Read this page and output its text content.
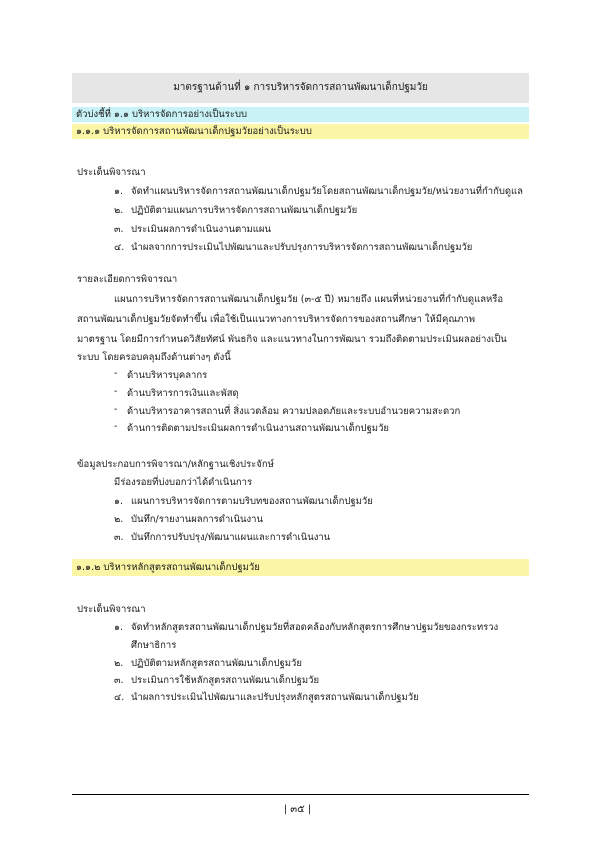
มาตรฐานด้านที่ ๑ การบริหารจัดการสถานพัฒนาเด็กปฐมวัย
ตัวบ่งชี้ที่ ๑.๑ บริหารจัดการอย่างเป็นระบบ
๑.๑.๑ บริหารจัดการสถานพัฒนาเด็กปฐมวัยอย่างเป็นระบบ
ประเด็นพิจารณา
๑. จัดทำแผนบริหารจัดการสถานพัฒนาเด็กปฐมวัยโดยสถานพัฒนาเด็กปฐมวัย/หน่วยงานที่กำกับดูแล
๒. ปฏิบัติตามแผนการบริหารจัดการสถานพัฒนาเด็กปฐมวัย
๓. ประเมินผลการดำเนินงานตามแผน
๔. นำผลจากการประเมินไปพัฒนาและปรับปรุงการบริหารจัดการสถานพัฒนาเด็กปฐมวัย
รายละเอียดการพิจารณา
แผนการบริหารจัดการสถานพัฒนาเด็กปฐมวัย (๓-๕ ปี) หมายถึง แผนที่หน่วยงานที่กำกับดูแลหรือ
สถานพัฒนาเด็กปฐมวัยจัดทำขึ้น เพื่อใช้เป็นแนวทางการบริหารจัดการของสถานศึกษา ให้มีคุณภาพ
มาตรฐาน โดยมีการกำหนดวิสัยทัศน์ พันธกิจ และแนวทางในการพัฒนา รวมถึงติดตามประเมินผลอย่างเป็น
ระบบ โดยครอบคลุมถึงด้านต่างๆ ดังนี้
- ด้านบริหารบุคลากร
- ด้านบริหารการเงินและพัสดุ
- ด้านบริหารอาคารสถานที่ สิ่งแวดล้อม ความปลอดภัยและระบบอำนวยความสะดวก
- ด้านการติดตามประเมินผลการดำเนินงานสถานพัฒนาเด็กปฐมวัย
ข้อมูลประกอบการพิจารณา/หลักฐานเชิงประจักษ์
มีร่องรอยที่บ่งบอกว่าได้ดำเนินการ
๑. แผนการบริหารจัดการตามบริบทของสถานพัฒนาเด็กปฐมวัย
๒. บันทึก/รายงานผลการดำเนินงาน
๓. บันทึกการปรับปรุง/พัฒนาแผนและการดำเนินงาน
๑.๑.๒ บริหารหลักสูตรสถานพัฒนาเด็กปฐมวัย
ประเด็นพิจารณา
๑. จัดทำหลักสูตรสถานพัฒนาเด็กปฐมวัยที่สอดคล้องกับหลักสูตรการศึกษาปฐมวัยของกระทรวง
ศึกษาธิการ
๒. ปฏิบัติตามหลักสูตรสถานพัฒนาเด็กปฐมวัย
๓. ประเมินการใช้หลักสูตรสถานพัฒนาเด็กปฐมวัย
๔. นำผลการประเมินไปพัฒนาและปรับปรุงหลักสูตรสถานพัฒนาเด็กปฐมวัย
| ๓๕ |
